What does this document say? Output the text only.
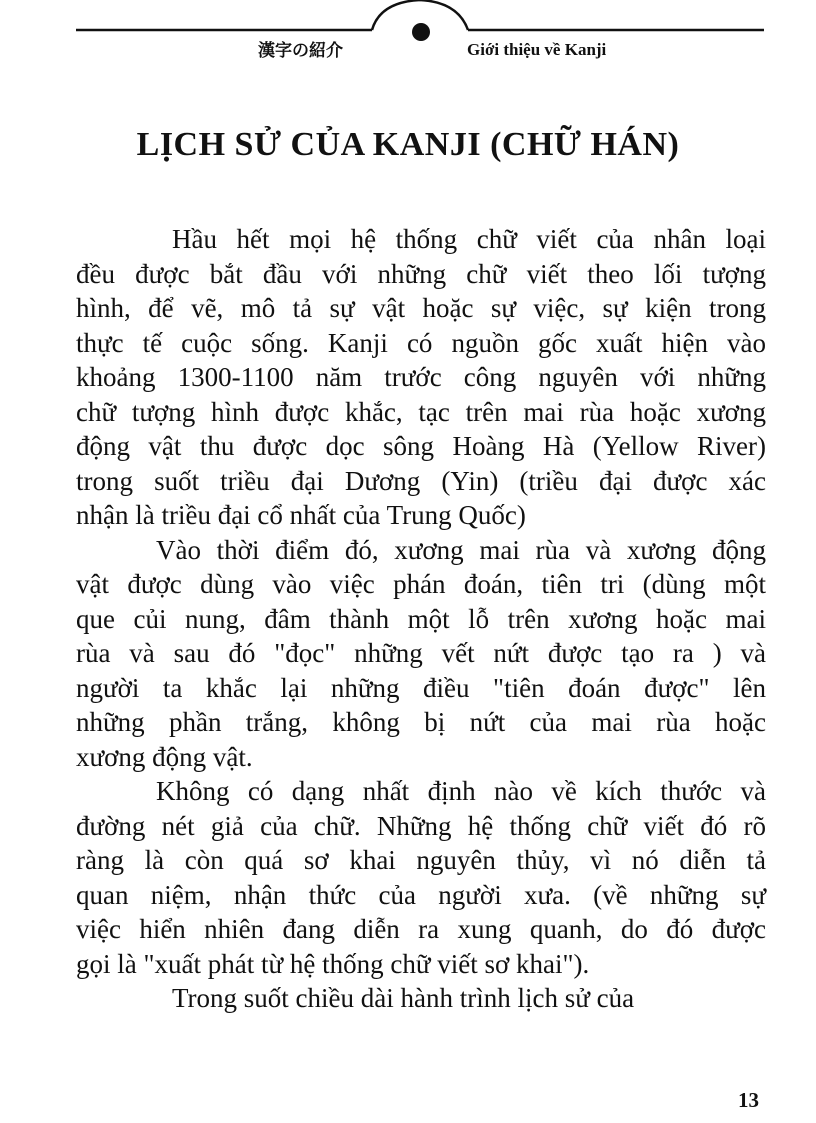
漢字の紹介	Giới thiệu về Kanji
LỊCH SỬ CỦA KANJI (CHỮ HÁN)
Hầu hết mọi hệ thống chữ viết của nhân loại
đều được bắt đầu với những chữ viết theo lối tượng
hình, để vẽ, mô tả sự vật hoặc sự việc, sự kiện trong
thực tế cuộc sống. Kanji có nguồn gốc xuất hiện vào
khoảng 1300-1100 năm trước công nguyên với những
chữ tượng hình được khắc, tạc trên mai rùa hoặc xương
động vật thu được dọc sông Hoàng Hà (Yellow River)
trong suốt triều đại Dương (Yin) (triều đại được xác
nhận là triều đại cổ nhất của Trung Quốc)
Vào thời điểm đó, xương mai rùa và xương động
vật được dùng vào việc phán đoán, tiên tri (dùng một
que củi nung, đâm thành một lỗ trên xương hoặc mai
rùa và sau đó "đọc" những vết nứt được tạo ra ) và
người ta khắc lại những điều "tiên đoán được" lên
những phần trắng, không bị nứt của mai rùa hoặc
xương động vật.
Không có dạng nhất định nào về kích thước và
đường nét giả của chữ. Những hệ thống chữ viết đó rõ
ràng là còn quá sơ khai nguyên thủy, vì nó diễn tả
quan niệm, nhận thức của người xưa. (về những sự
việc hiển nhiên đang diễn ra xung quanh, do đó được
gọi là "xuất phát từ hệ thống chữ viết sơ khai").
Trong suốt chiều dài hành trình lịch sử của
13
